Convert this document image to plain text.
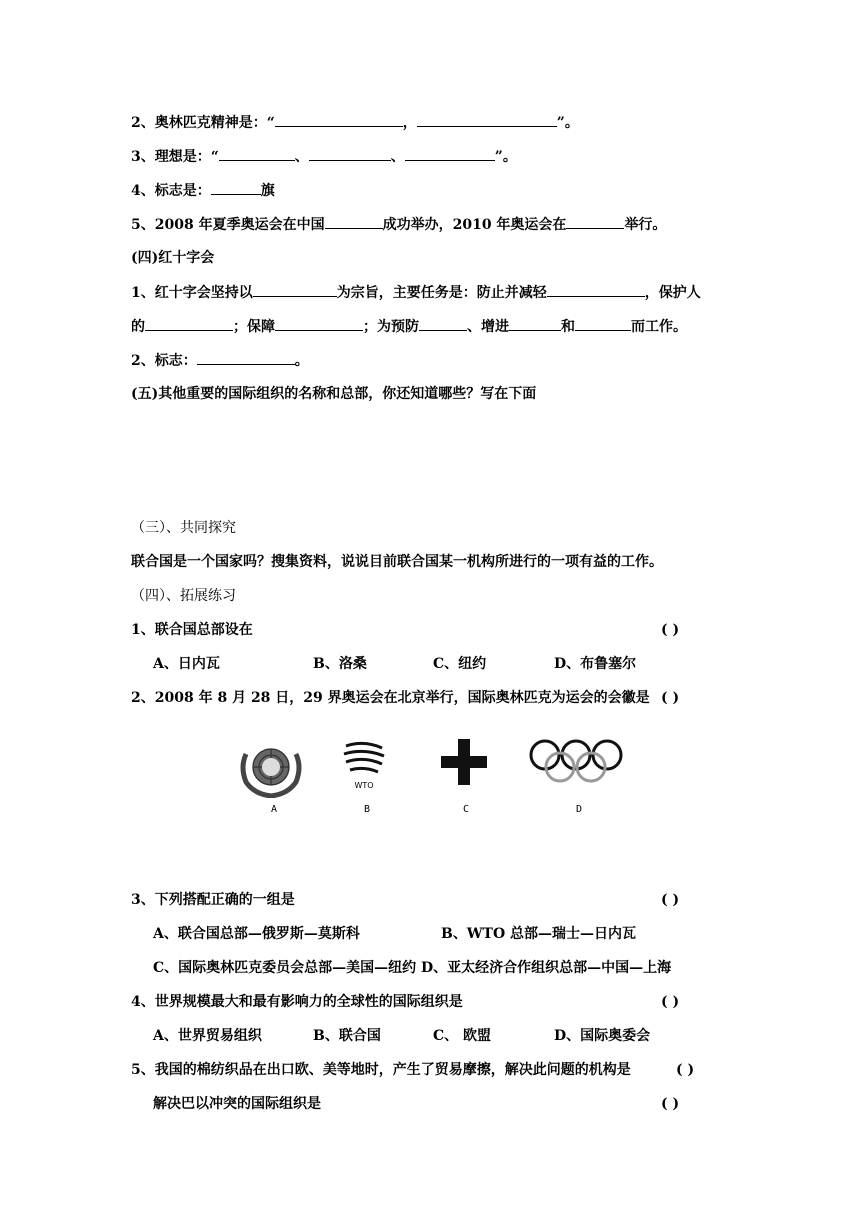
2、奥林匹克精神是：“	，	”。
3、理想是：“	、	、	”。
4、标志是：	旗
5、2008 年夏季奥运会在中国	成功举办，2010 年奥运会在	举行。
(四)红十字会
1、红十字会坚持以	为宗旨，主要任务是：防止并减轻	，保护人
的	；保障	；为预防	、增进	和	而工作。
2、标志：	。
(五)其他重要的国际组织的名称和总部，你还知道哪些？写在下面
（三）、共同探究
联合国是一个国家吗？搜集资料，说说目前联合国某一机构所进行的一项有益的工作。
（四）、拓展练习
1、联合国总部设在	( )
A、日内瓦	B、洛桑	C、纽约	D、布鲁塞尔
2、2008 年 8 月 28 日，29 界奥运会在北京举行，国际奥林匹克为运会的会徽是 ( )
WTO
A	B	C	D
3、下列搭配正确的一组是	( )
A、联合国总部—俄罗斯—莫斯科	B、WTO 总部—瑞士—日内瓦
C、国际奥林匹克委员会总部—美国—纽约 D、亚太经济合作组织总部—中国—上海
4、世界规模最大和最有影响力的全球性的国际组织是	( )
A、世界贸易组织	B、联合国	C、 欧盟	D、国际奥委会
5、我国的棉纺织品在出口欧、美等地时，产生了贸易摩擦，解决此问题的机构是	( )
解决巴以冲突的国际组织是	( )
